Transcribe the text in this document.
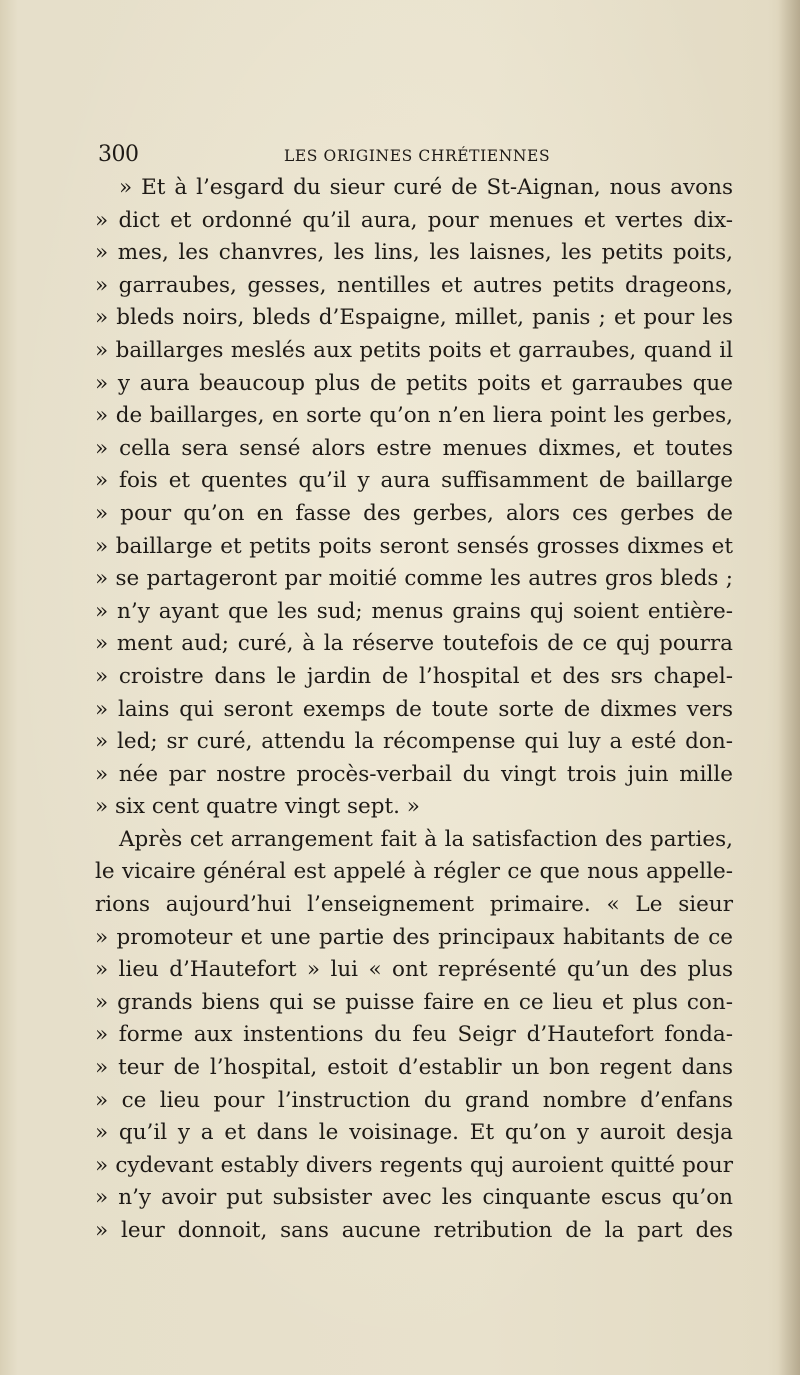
300	LES ORIGINES CHRÉTIENNES
» Et à l’esgard du sieur curé de St-Aignan, nous avons
» dict et ordonné qu’il aura, pour menues et vertes dix-
» mes, les chanvres, les lins, les laisnes, les petits poits,
» garraubes, gesses, nentilles et autres petits drageons,
» bleds noirs, bleds d’Espaigne, millet, panis ; et pour les
» baillarges meslés aux petits poits et garraubes, quand il
» y aura beaucoup plus de petits poits et garraubes que
» de baillarges, en sorte qu’on n’en liera point les gerbes,
» cella sera sensé alors estre menues dixmes, et toutes
» fois et quentes qu’il y aura suffisamment de baillarge
» pour qu’on en fasse des gerbes, alors ces gerbes de
» baillarge et petits poits seront sensés grosses dixmes et
» se partageront par moitié comme les autres gros bleds ;
» n’y ayant que les sud; menus grains quj soient entière-
» ment aud; curé, à la réserve toutefois de ce quj pourra
» croistre dans le jardin de l’hospital et des srs chapel-
» lains qui seront exemps de toute sorte de dixmes vers
» led; sr curé, attendu la récompense qui luy a esté don-
» née par nostre procès-verbail du vingt trois juin mille
» six cent quatre vingt sept. »
Après cet arrangement fait à la satisfaction des parties,
le vicaire général est appelé à régler ce que nous appelle-
rions aujourd’hui l’enseignement primaire. « Le sieur
» promoteur et une partie des principaux habitants de ce
» lieu d’Hautefort » lui « ont représenté qu’un des plus
» grands biens qui se puisse faire en ce lieu et plus con-
» forme aux instentions du feu Seigr d’Hautefort fonda-
» teur de l’hospital, estoit d’establir un bon regent dans
» ce lieu pour l’instruction du grand nombre d’enfans
» qu’il y a et dans le voisinage. Et qu’on y auroit desja
» cydevant estably divers regents quj auroient quitté pour
» n’y avoir put subsister avec les cinquante escus qu’on
» leur donnoit, sans aucune retribution de la part des
